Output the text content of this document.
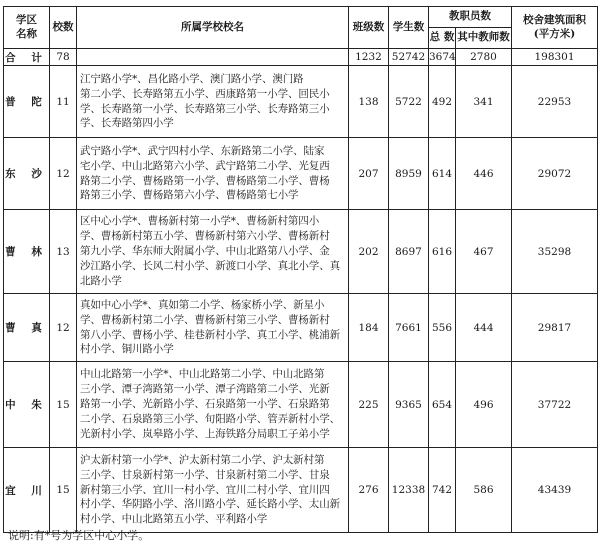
学区
名称	校数	所属学校校名	班级数	学生数	教职员数		校舍建筑面积
(平方米)

					总 数	其中教师数	
合 计	78		1232	52742	3674	2780	198301
普 陀	11	江宁路小学*、昌化路小学、澳门路小学、澳门路
第二小学、长寿路第五小学、西康路第一小学、回民小
学、长寿路第一小学、长寿路第三小学、长寿路第三小
学、长寿路第四小学	138	5722	492	341	22953
东 沙	12	武宁路小学*、武宁四村小学、东新路第二小学、陆家
宅小学、中山北路第六小学、武宁路第二小学、光复西
路第二小学、曹杨路第一小学、曹杨路第二小学、曹杨
路第三小学、曹杨路第六小学、曹杨路第七小学	207	8959	614	446	29072
曹 林	13	区中心小学*、曹杨新村第一小学*、曹杨新村第四小
学、曹杨新村第五小学、曹杨新村第六小学、曹杨新村
第九小学、华东师大附属小学、中山北路第八小学、金
沙江路小学、长风二村小学、新渡口小学、真北小学、真
北路小学	202	8697	616	467	35298
曹 真	12	真如中心小学*、真如第二小学、杨家桥小学、新星小
学、曹杨新村第二小学、曹杨新村第三小学、曹杨新村
第八小学、曹杨小学、桂巷新村小学、真工小学、桃浦新
村小学、铜川路小学	184	7661	556	444	29817
中 朱	15	中山北路第一小学*、中山北路第二小学、中山北路第
三小学、潭子湾路第一小学、潭子湾路第二小学、光新
路第一小学、光新路小学、石泉路第一小学、石泉路第
二小学、石泉路第三小学、旬阳路小学、管弄新村小学、
光新村小学、岚皋路小学、上海铁路分局职工子弟小学	225	9365	654	496	37722
宜 川	15	沪太新村第一小学*、沪太新村第二小学、沪太新村第
三小学、甘泉新村第一小学、甘泉新村第二小学、甘泉
新村第三小学、宜川一村小学、宜川二村小学、宜川四
村小学、华阴路小学、洛川路小学、延长路小学、太山新
村小学、中山北路第五小学、平利路小学	276	12338	742	586	43439
说明:有*号为学区中心小学。
